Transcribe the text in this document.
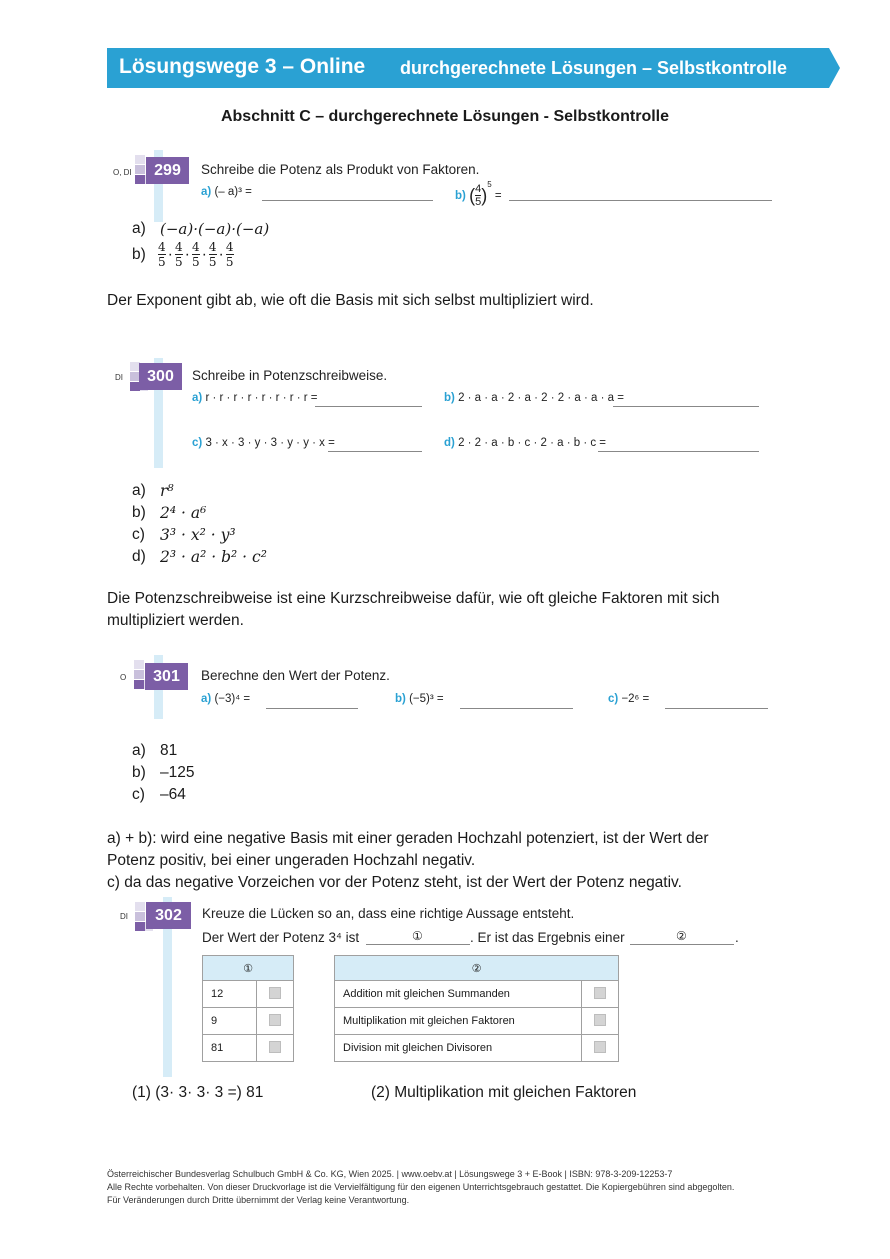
Lösungswege 3 – Online durchgerechnete Lösungen – Selbstkontrolle
Abschnitt C – durchgerechnete Lösungen - Selbstkontrolle
299
O, DI	Schreibe die Potenz als Produkt von Faktoren.
a) (– a)³ =	b) ( $\frac{4}{5} )^5$ =
a) (−a)·(−a)·(−a)
$b) \frac{4}{5} \cdot \frac{4}{5} \cdot \frac{4}{5} \cdot \frac{4}{5} \cdot \frac{4}{5}$
Der Exponent gibt ab, wie oft die Basis mit sich selbst multipliziert wird.
300
DI	Schreibe in Potenzschreibweise.
a) r · r · r · r · r · r · r · r =	b) 2 · a · a · 2 · a · 2 · 2 · a · a · a =
c) 3 · x · 3 · y · 3 · y · y · x =	d) 2 · 2 · a · b · c · 2 · a · b · c =
a) r⁸
b) 2⁴ · a⁶
c) 3³ · x² · y³
d) 2³ · a² · b² · c²
Die Potenzschreibweise ist eine Kurzschreibweise dafür, wie oft gleiche Faktoren mit sich multipliziert werden.
301
O	Berechne den Wert der Potenz.
a) (−3)⁴ =	b) (−5)³ =	c) −2⁶ =
a) 81
b) –125
c) –64
a) + b): wird eine negative Basis mit einer geraden Hochzahl potenziert, ist der Wert der
Potenz positiv, bei einer ungeraden Hochzahl negativ.
c) da das negative Vorzeichen vor der Potenz steht, ist der Wert der Potenz negativ.
302
DI	Kreuze die Lücken so an, dass eine richtige Aussage entsteht.
Der Wert der Potenz 3⁴ ist	①	. Er ist das Ergebnis einer	②	.
①	
12	
9	
81	
②	
Addition mit gleichen Summanden	
Multiplikation mit gleichen Faktoren	
Division mit gleichen Divisoren	
(1) (3· 3· 3· 3 =) 81	(2) Multiplikation mit gleichen Faktoren
Österreichischer Bundesverlag Schulbuch GmbH & Co. KG, Wien 2025. | www.oebv.at | Lösungswege 3 + E-Book | ISBN: 978-3-209-12253-7
Alle Rechte vorbehalten. Von dieser Druckvorlage ist die Vervielfältigung für den eigenen Unterrichtsgebrauch gestattet. Die Kopiergebühren sind abgegolten.
Für Veränderungen durch Dritte übernimmt der Verlag keine Verantwortung.
